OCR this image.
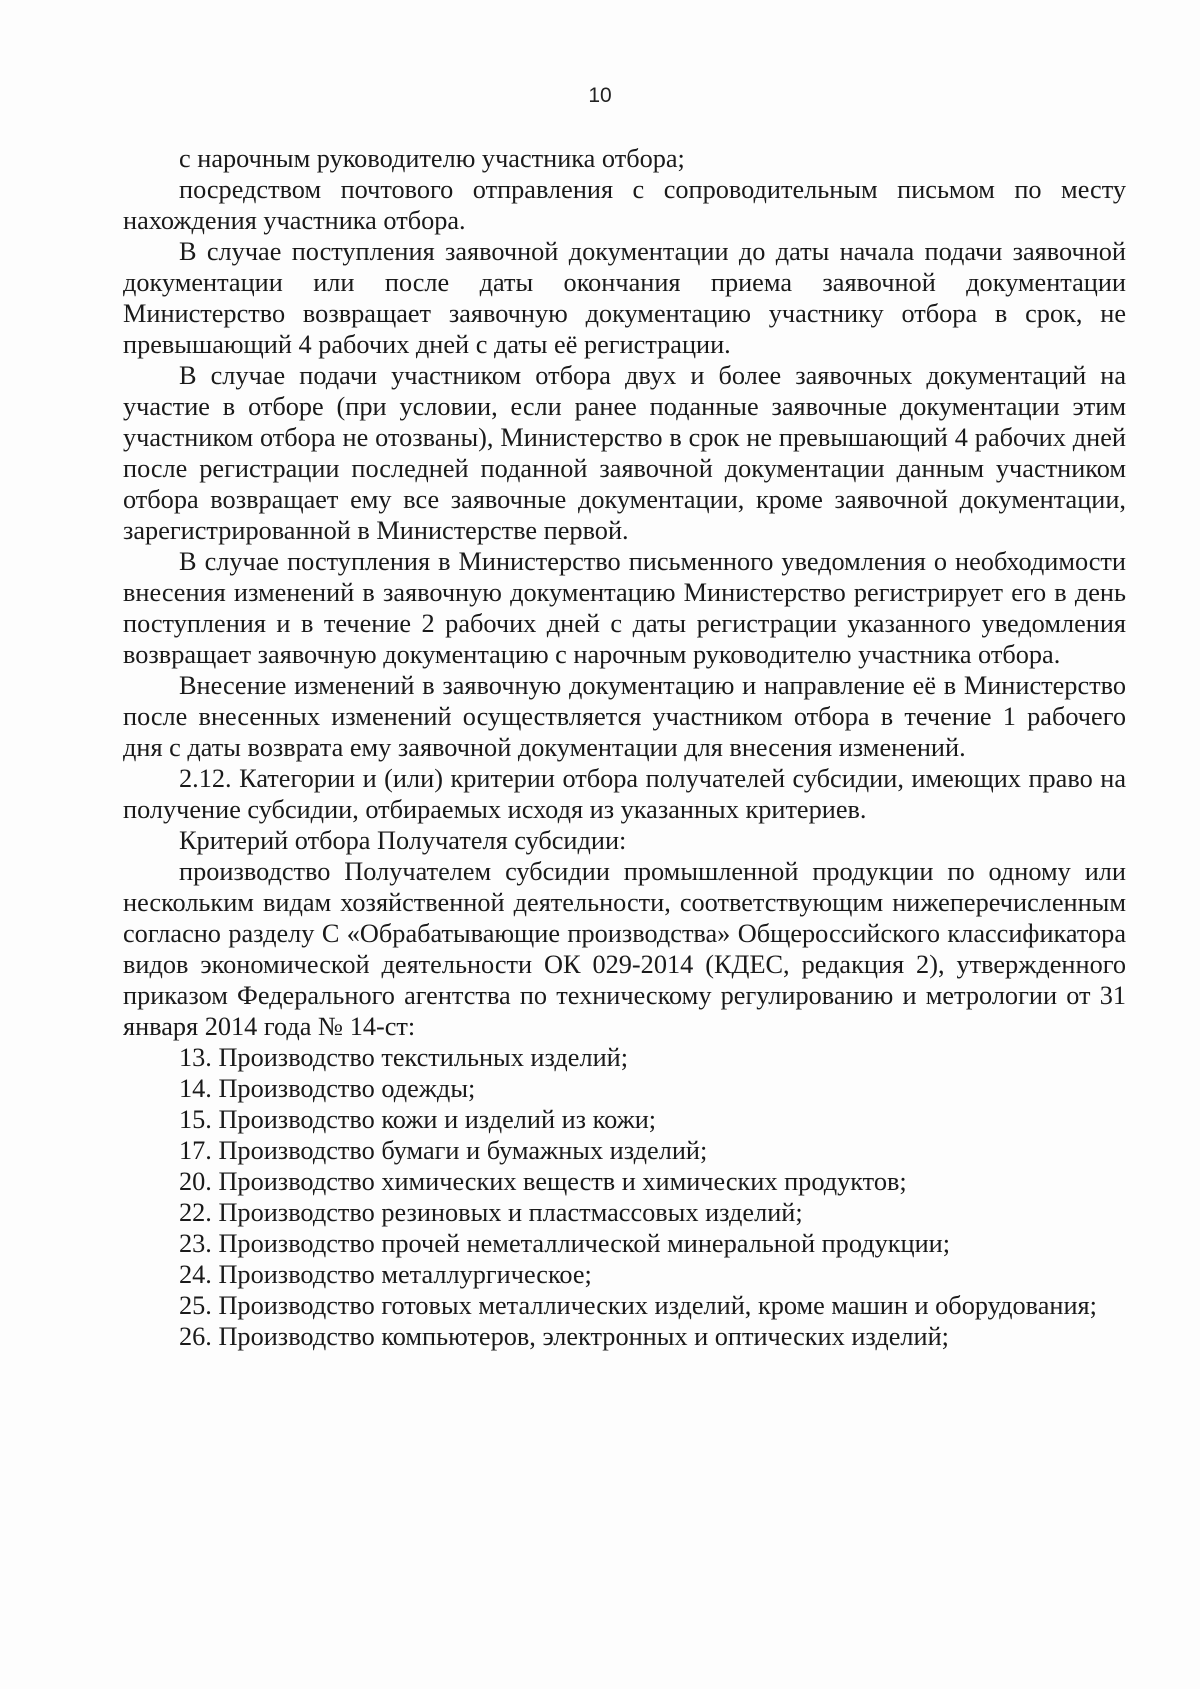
10

с нарочным руководителю участника отбора;

посредством почтового отправления с сопроводительным письмом по месту нахождения участника отбора.

В случае поступления заявочной документации до даты начала подачи заявочной документации или после даты окончания приема заявочной документации Министерство возвращает заявочную документацию участнику отбора в срок, не превышающий 4 рабочих дней с даты её регистрации.

В случае подачи участником отбора двух и более заявочных документаций на участие в отборе (при условии, если ранее поданные заявочные документации этим участником отбора не отозваны), Министерство в срок не превышающий 4 рабочих дней после регистрации последней поданной заявочной документации данным участником отбора возвращает ему все заявочные документации, кроме заявочной документации, зарегистрированной в Министерстве первой.

В случае поступления в Министерство письменного уведомления о необходимости внесения изменений в заявочную документацию Министерство регистрирует его в день поступления и в течение 2 рабочих дней с даты регистрации указанного уведомления возвращает заявочную документацию с нарочным руководителю участника отбора.

Внесение изменений в заявочную документацию и направление её в Министерство после внесенных изменений осуществляется участником отбора в течение 1 рабочего дня с даты возврата ему заявочной документации для внесения изменений.

2.12. Категории и (или) критерии отбора получателей субсидии, имеющих право на получение субсидии, отбираемых исходя из указанных критериев.

Критерий отбора Получателя субсидии:

производство Получателем субсидии промышленной продукции по одному или нескольким видам хозяйственной деятельности, соответствующим нижеперечисленным согласно разделу С «Обрабатывающие производства» Общероссийского классификатора видов экономической деятельности ОК 029-2014 (КДЕС, редакция 2), утвержденного приказом Федерального агентства по техническому регулированию и метрологии от 31 января 2014 года № 14-ст:

13. Производство текстильных изделий;

14. Производство одежды;

15. Производство кожи и изделий из кожи;

17. Производство бумаги и бумажных изделий;

20. Производство химических веществ и химических продуктов;

22. Производство резиновых и пластмассовых изделий;

23. Производство прочей неметаллической минеральной продукции;

24. Производство металлургическое;

25. Производство готовых металлических изделий, кроме машин и оборудования;

26. Производство компьютеров, электронных и оптических изделий;
